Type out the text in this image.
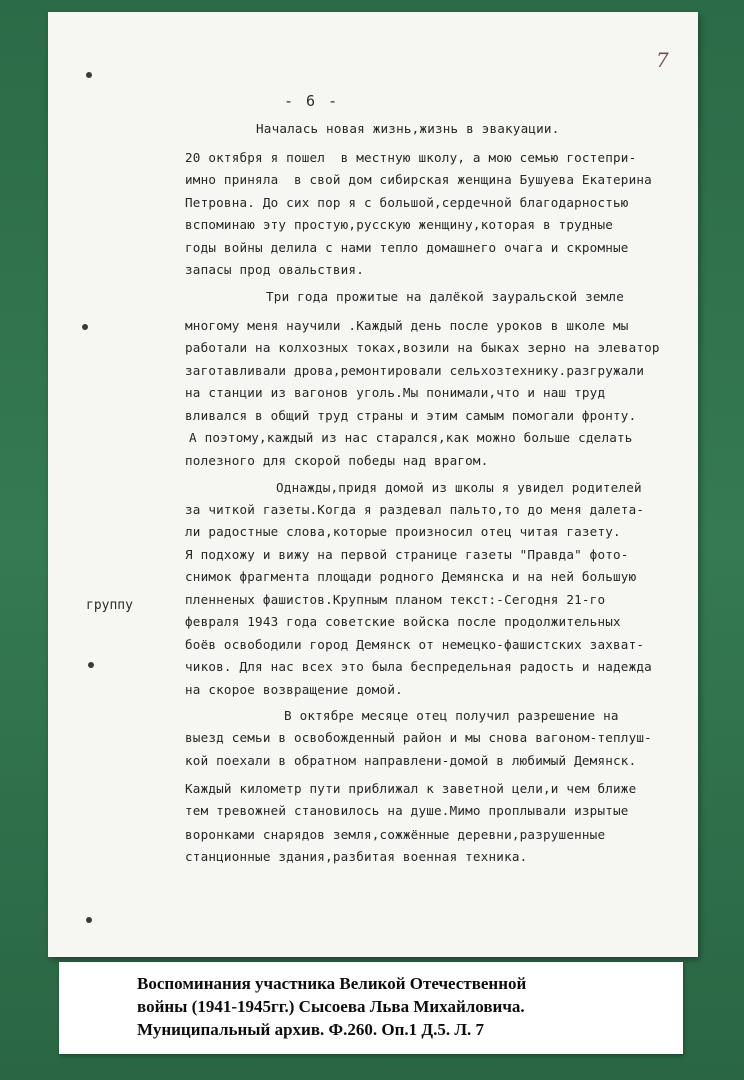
7
- 6 -
группу
Началась новая жизнь,жизнь в эвакуации.
20 октября я пошел  в местную школу, а мою семью гостепри-
имно приняла  в свой дом сибирская женщина Бушуева Екатерина
Петровна. До сих пор я с большой,сердечной благодарностью
вспоминаю эту простую,русскую женщину,которая в трудные
годы войны делила с нами тепло домашнего очага и скромные
запасы прод овальствия.
Три года прожитые на далёкой зауральской земле
многому меня научили .Каждый день после уроков в школе мы
работали на колхозных токах,возили на быках зерно на элеватор
заготавливали дрова,ремонтировали сельхозтехнику.разгружали
на станции из вагонов уголь.Мы понимали,что и наш труд
вливался в общий труд страны и этим самым помогали фронту.
А поэтому,каждый из нас старался,как можно больше сделать
полезного для скорой победы над врагом.
Однажды,придя домой из школы я увидел родителей
за читкой газеты.Когда я раздевал пальто,то до меня далета-
ли радостные слова,которые произносил отец читая газету.
Я подхожу и вижу на первой странице газеты "Правда" фото-
снимок фрагмента площади родного Демянска и на ней большую
пленненых фашистов.Крупным планом текст:-Сегодня 21-го
февраля 1943 года советские войска после продолжительных
боёв освободили город Демянск от немецко-фашистских захват-
чиков. Для нас всех это была беспредельная радость и надежда
на скорое возвращение домой.
В октябре месяце отец получил разрешение на
выезд семьи в освобожденный район и мы снова вагоном-теплуш-
кой поехали в обратном направлени-домой в любимый Демянск.
Каждый километр пути приближал к заветной цели,и чем ближе
тем тревожней становилось на душе.Мимо проплывали изрытые
воронками снарядов земля,сожжённые деревни,разрушенные
станционные здания,разбитая военная техника.
Воспоминания участника Великой Отечественной
войны (1941-1945гг.) Сысоева Льва Михайловича.
Муниципальный архив. Ф.260. Оп.1 Д.5. Л. 7
